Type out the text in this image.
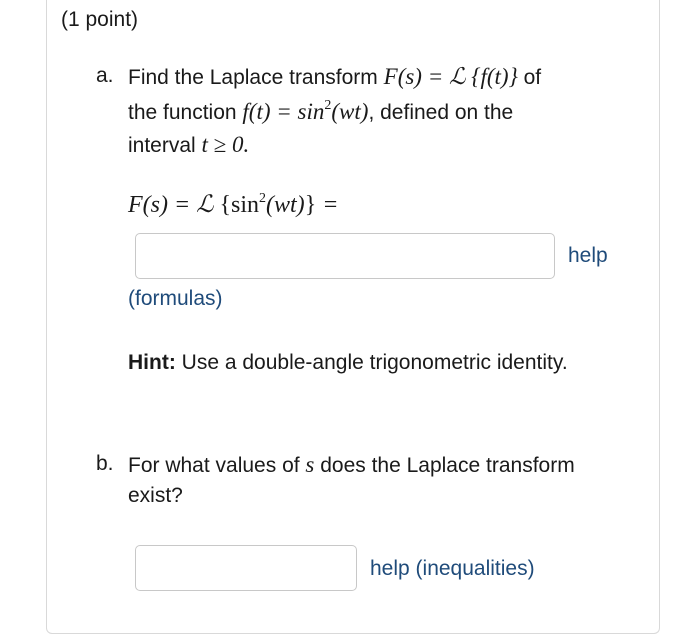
(1 point)
a. Find the Laplace transform F(s) = ℒ {f(t)} of
the function $f(t) = \sin^2(wt)$, defined on the
interval t ≥ 0.
F(s) = ℒ $\{\sin^2(wt)\}$ =
help
(formulas)
Hint: Use a double-angle trigonometric identity.
b. For what values of s does the Laplace transform
exist?
help (inequalities)
